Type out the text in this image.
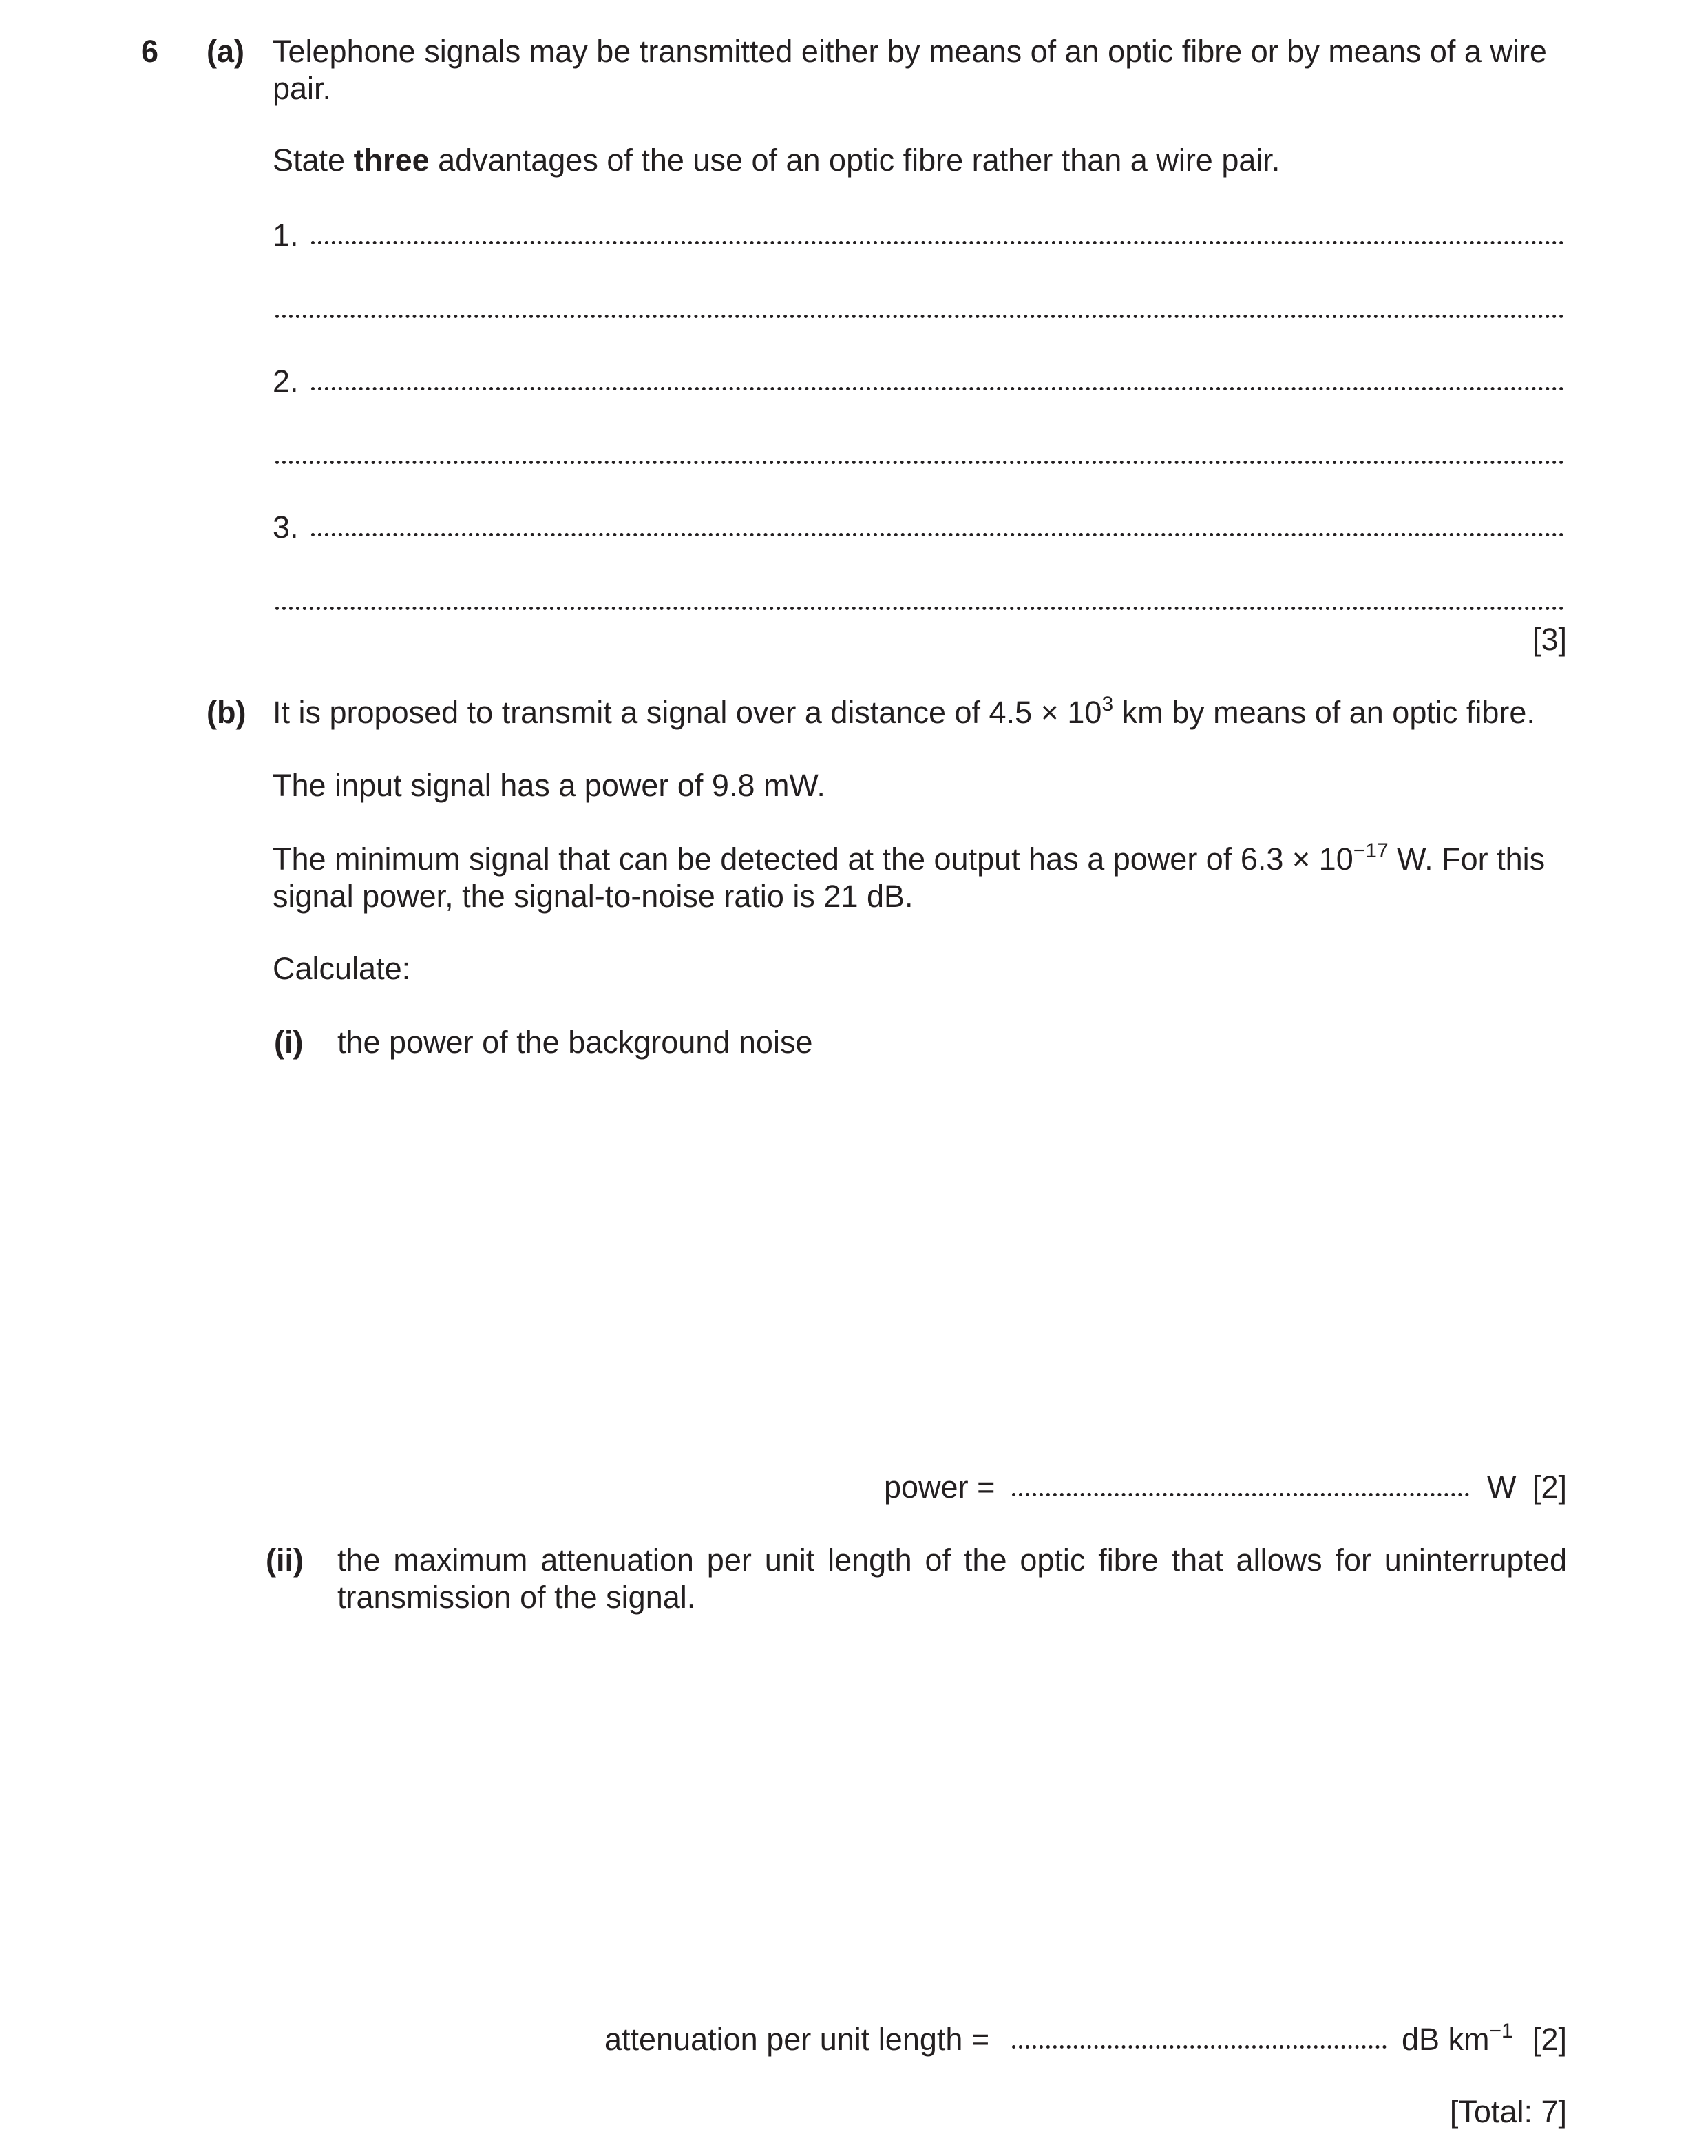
6 (a) Telephone signals may be transmitted either by means of an optic fibre or by means of a wire pair.
State three advantages of the use of an optic fibre rather than a wire pair.
1.
2.
3.
[3]
(b) It is proposed to transmit a signal over a distance of $4.5 \times 10^3$ km by means of an optic fibre.
The input signal has a power of 9.8 mW.
The minimum signal that can be detected at the output has a power of $6.3 \times 10^{-17}$ W. For this signal power, the signal-to-noise ratio is 21 dB.
Calculate:
(i) the power of the background noise
power =	W [2]
(ii) the maximum attenuation per unit length of the optic fibre that allows for uninterrupted transmission of the signal.
attenuation per unit length =	dB $km^{-1}$ [2]
[Total: 7]
